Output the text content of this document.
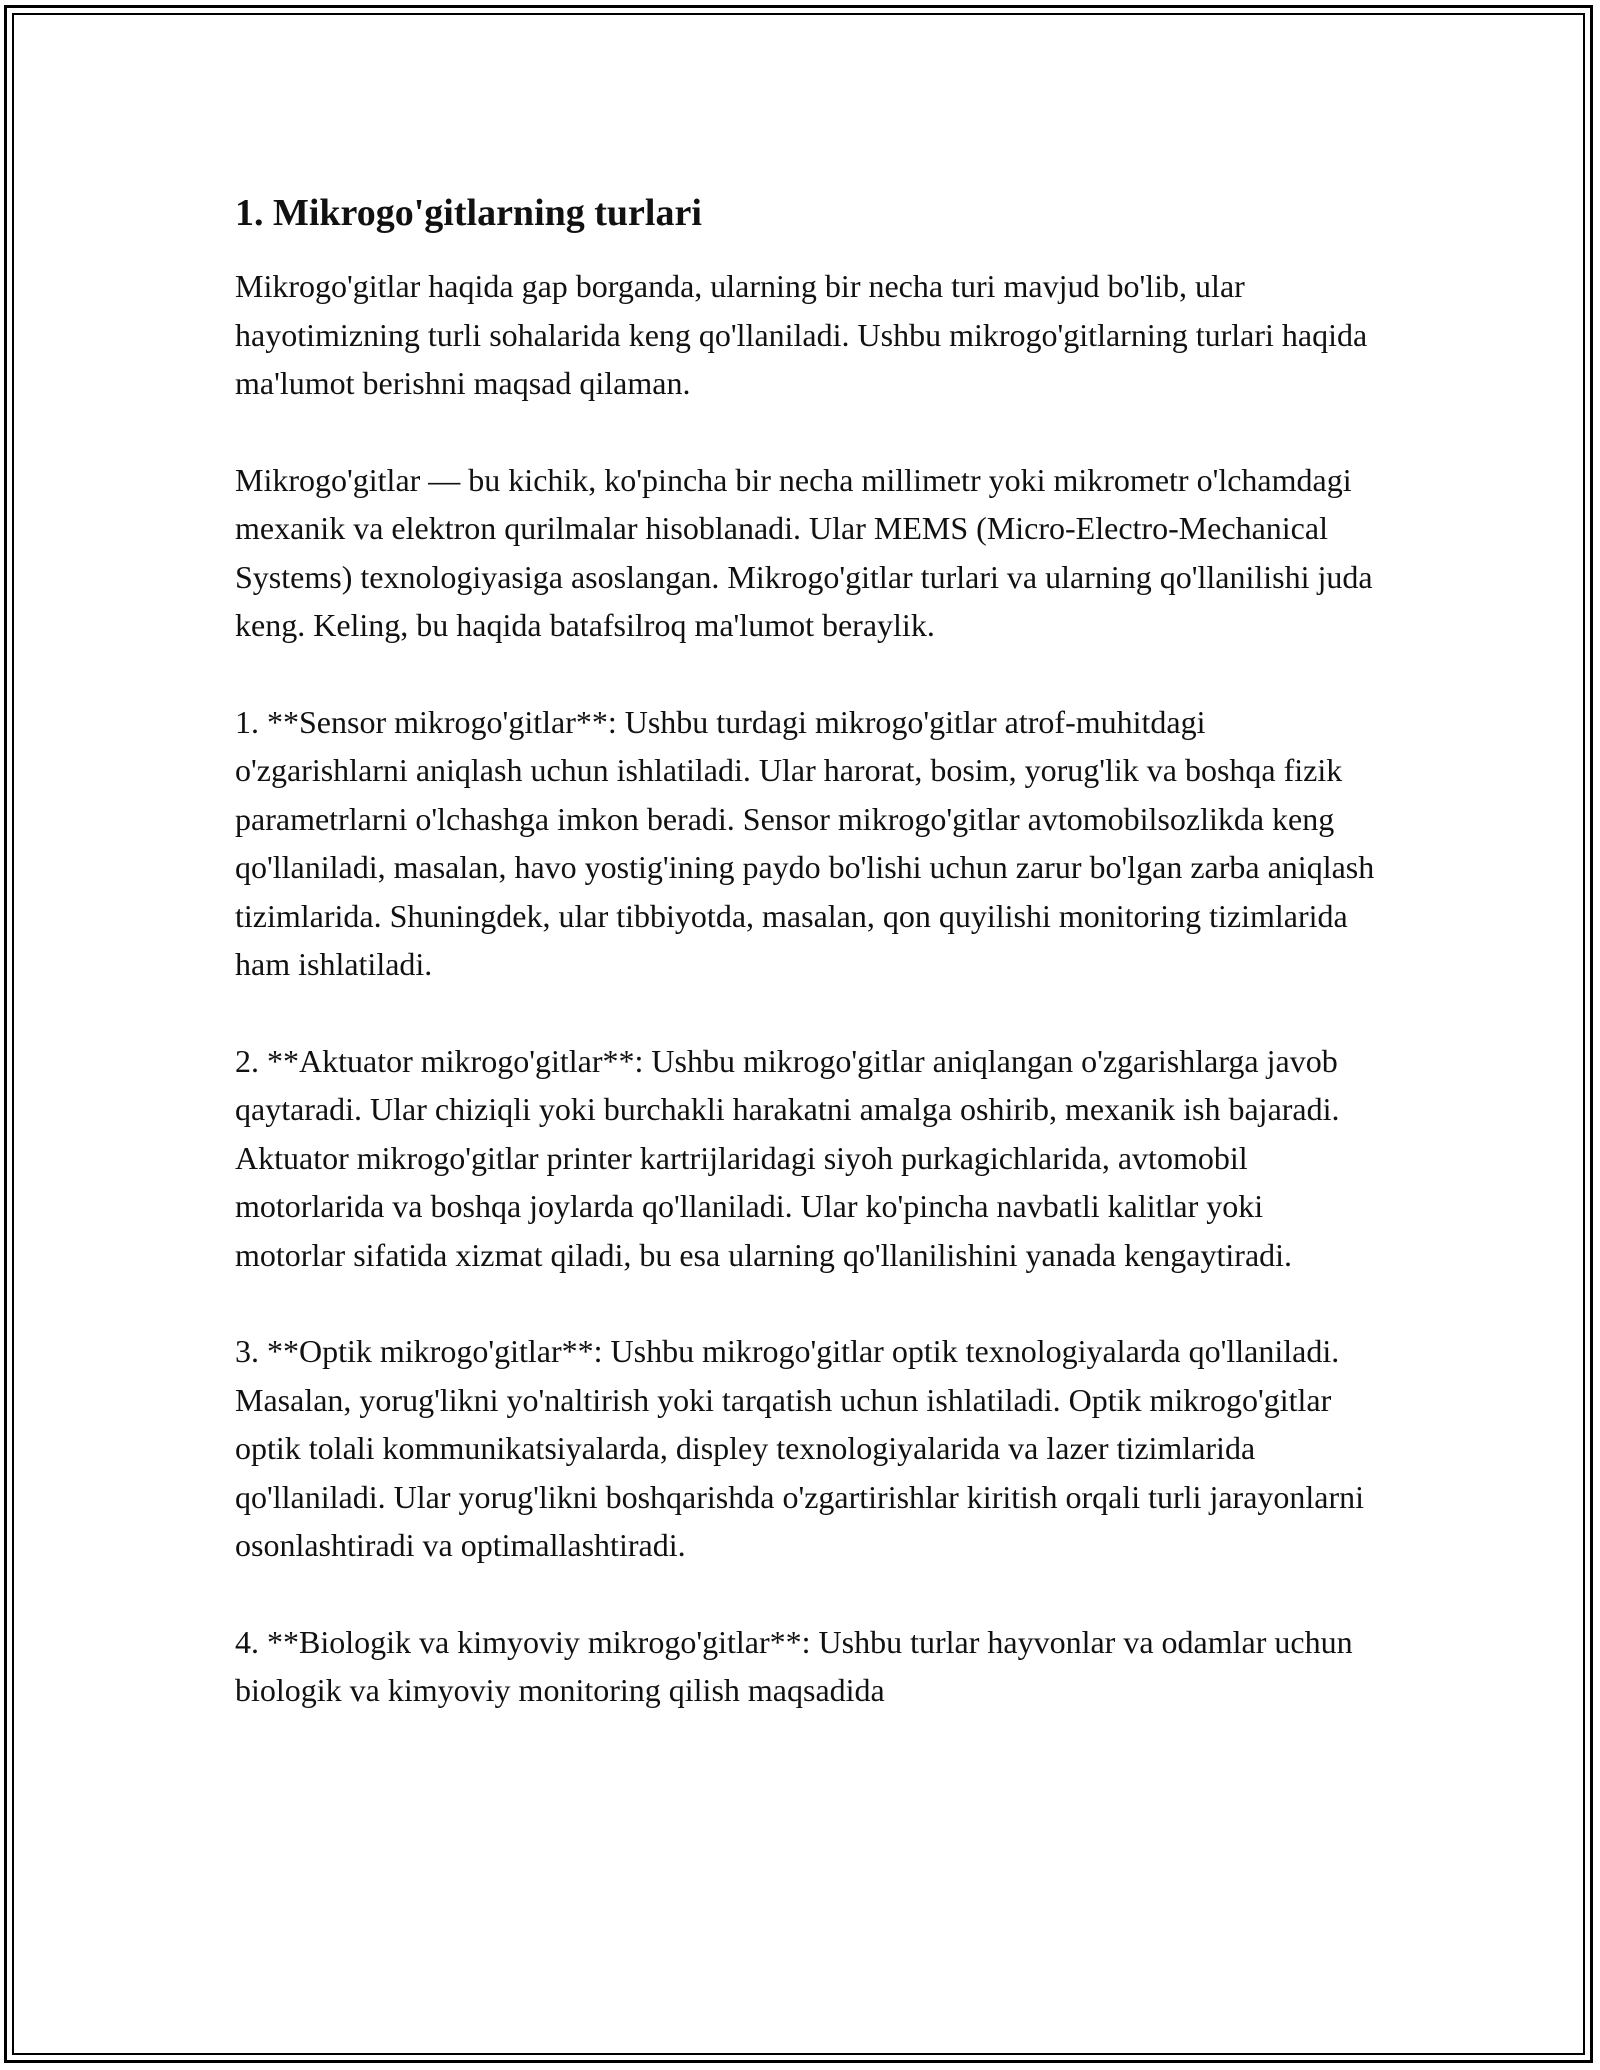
1. Mikrogo'gitlarning turlari

Mikrogo'gitlar haqida gap borganda, ularning bir necha turi mavjud bo'lib, ular hayotimizning turli sohalarida keng qo'llaniladi. Ushbu mikrogo'gitlarning turlari haqida ma'lumot berishni maqsad qilaman.

Mikrogo'gitlar — bu kichik, ko'pincha bir necha millimetr yoki mikrometr o'lchamdagi mexanik va elektron qurilmalar hisoblanadi. Ular MEMS (Micro-Electro-Mechanical Systems) texnologiyasiga asoslangan. Mikrogo'gitlar turlari va ularning qo'llanilishi juda keng. Keling, bu haqida batafsilroq ma'lumot beraylik.

1. **Sensor mikrogo'gitlar**: Ushbu turdagi mikrogo'gitlar atrof-muhitdagi o'zgarishlarni aniqlash uchun ishlatiladi. Ular harorat, bosim, yorug'lik va boshqa fizik parametrlarni o'lchashga imkon beradi. Sensor mikrogo'gitlar avtomobilsozlikda keng qo'llaniladi, masalan, havo yostig'ining paydo bo'lishi uchun zarur bo'lgan zarba aniqlash tizimlarida. Shuningdek, ular tibbiyotda, masalan, qon quyilishi monitoring tizimlarida ham ishlatiladi.

2. **Aktuator mikrogo'gitlar**: Ushbu mikrogo'gitlar aniqlangan o'zgarishlarga javob qaytaradi. Ular chiziqli yoki burchakli harakatni amalga oshirib, mexanik ish bajaradi. Aktuator mikrogo'gitlar printer kartrijlaridagi siyoh purkagichlarida, avtomobil motorlarida va boshqa joylarda qo'llaniladi. Ular ko'pincha navbatli kalitlar yoki motorlar sifatida xizmat qiladi, bu esa ularning qo'llanilishini yanada kengaytiradi.

3. **Optik mikrogo'gitlar**: Ushbu mikrogo'gitlar optik texnologiyalarda qo'llaniladi. Masalan, yorug'likni yo'naltirish yoki tarqatish uchun ishlatiladi. Optik mikrogo'gitlar optik tolali kommunikatsiyalarda, displey texnologiyalarida va lazer tizimlarida qo'llaniladi. Ular yorug'likni boshqarishda o'zgartirishlar kiritish orqali turli jarayonlarni osonlashtiradi va optimallashtiradi.

4. **Biologik va kimyoviy mikrogo'gitlar**: Ushbu turlar hayvonlar va odamlar uchun biologik va kimyoviy monitoring qilish maqsadida
